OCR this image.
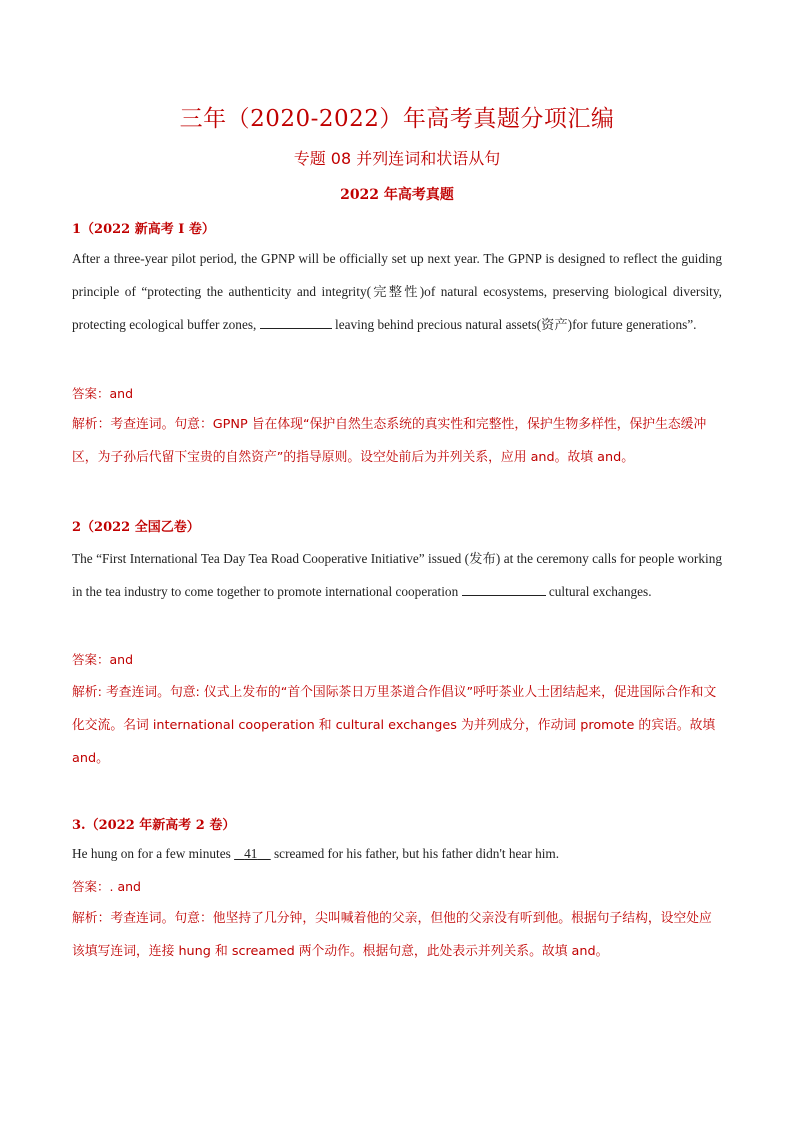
三年（2020-2022）年高考真题分项汇编
专题 08 并列连词和状语从句
2022 年高考真题
1（2022 新高考 I 卷）
After a three-year pilot period, the GPNP will be officially set up next year. The GPNP is designed to reflect the guiding principle of “protecting the authenticity and integrity(完整性)of natural ecosystems, preserving biological diversity, protecting ecological buffer zones,	leaving behind precious natural assets(资产)for future generations”.
答案：and
解析：考查连词。句意：GPNP 旨在体现“保护自然生态系统的真实性和完整性，保护生物多样性，保护生态缓冲区，为子孙后代留下宝贵的自然资产”的指导原则。设空处前后为并列关系，应用 and。故填 and。
2（2022 全国乙卷）
The “First International Tea Day Tea Road Cooperative Initiative” issued (发布) at the ceremony calls for people working in the tea industry to come together to promote international cooperation	cultural exchanges.
答案：and
解析: 考查连词。句意: 仪式上发布的“首个国际茶日万里茶道合作倡议”呼吁茶业人士团结起来，促进国际合作和文化交流。名词 international cooperation 和 cultural exchanges 为并列成分，作动词 promote 的宾语。故填 and。
3.（2022 年新高考 2 卷）
He hung on for a few minutes    41     screamed for his father, but his father didn't hear him.
答案：. and
解析：考查连词。句意：他坚持了几分钟，尖叫喊着他的父亲，但他的父亲没有听到他。根据句子结构，设空处应该填写连词，连接 hung 和 screamed 两个动作。根据句意，此处表示并列关系。故填 and。
